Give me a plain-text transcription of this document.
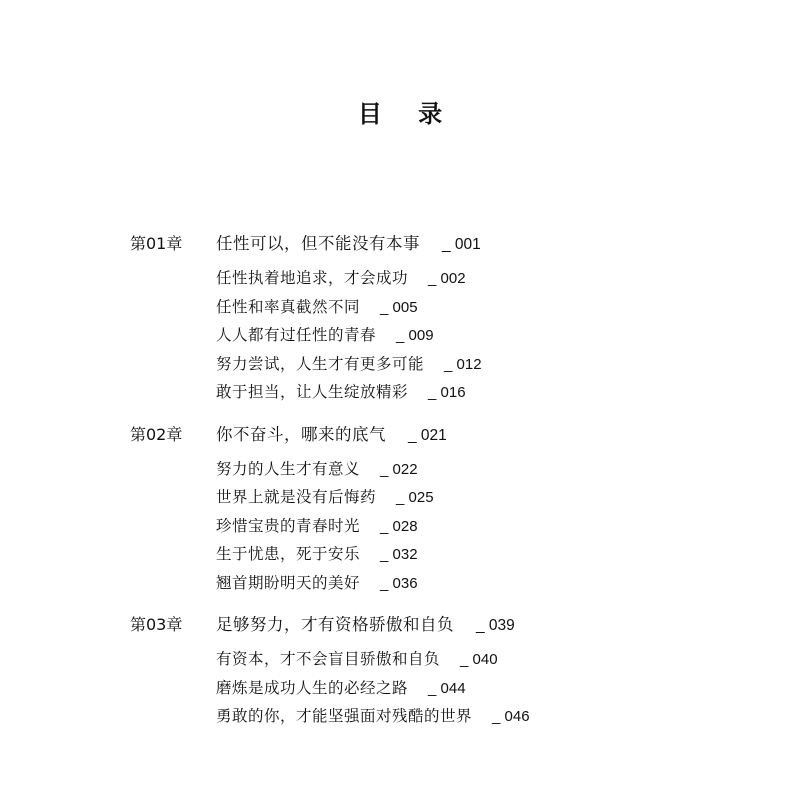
目 录
第01章	任性可以，但不能没有本事 _ 001
任性执着地追求，才会成功 _ 002
任性和率真截然不同 _ 005
人人都有过任性的青春 _ 009
努力尝试，人生才有更多可能 _ 012
敢于担当，让人生绽放精彩 _ 016
第02章	你不奋斗，哪来的底气 _ 021
努力的人生才有意义 _ 022
世界上就是没有后悔药 _ 025
珍惜宝贵的青春时光 _ 028
生于忧患，死于安乐 _ 032
翘首期盼明天的美好 _ 036
第03章	足够努力，才有资格骄傲和自负 _ 039
有资本，才不会盲目骄傲和自负 _ 040
磨炼是成功人生的必经之路 _ 044
勇敢的你，才能坚强面对残酷的世界 _ 046
